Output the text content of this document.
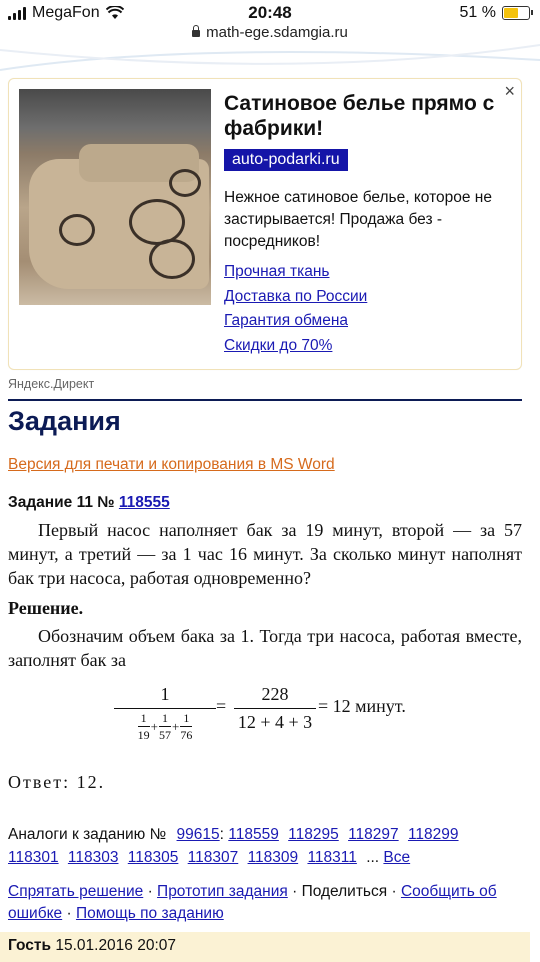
MegaFon	20:48	51 %
math-ege.sdamgia.ru
×
Сатиновое белье прямо с фабрики!
auto-podarki.ru
Нежное сатиновое белье, которое не застирывается! Продажа без - посредников!
Прочная ткань
Доставка по России
Гарантия обмена
Скидки до 70%
Яндекс.Директ
Задания
Версия для печати и копирования в MS Word
Задание 11 № 118555
Первый насос наполняет бак за 19 минут, второй — за 57 минут, а третий — за 1 час 16 минут. За сколько минут наполнят бак три насоса, работая одновременно?
Решение.
Обозначим объем бака за 1. Тогда три насоса, работая вместе, заполнят бак за
1
$\frac{1}{19}+\frac{1}{57}+\frac{1}{76}$
=
228
12 + 4 + 3
= 12 минут.
Ответ: 12.
Аналоги к заданию № 99615: 118559 118295 118297 118299 118301 118303 118305 118307 118309 118311 ... Все
Спрятать решение · Прототип задания · Поделиться · Сообщить об ошибке · Помощь по заданию
Гость 15.01.2016 20:07
